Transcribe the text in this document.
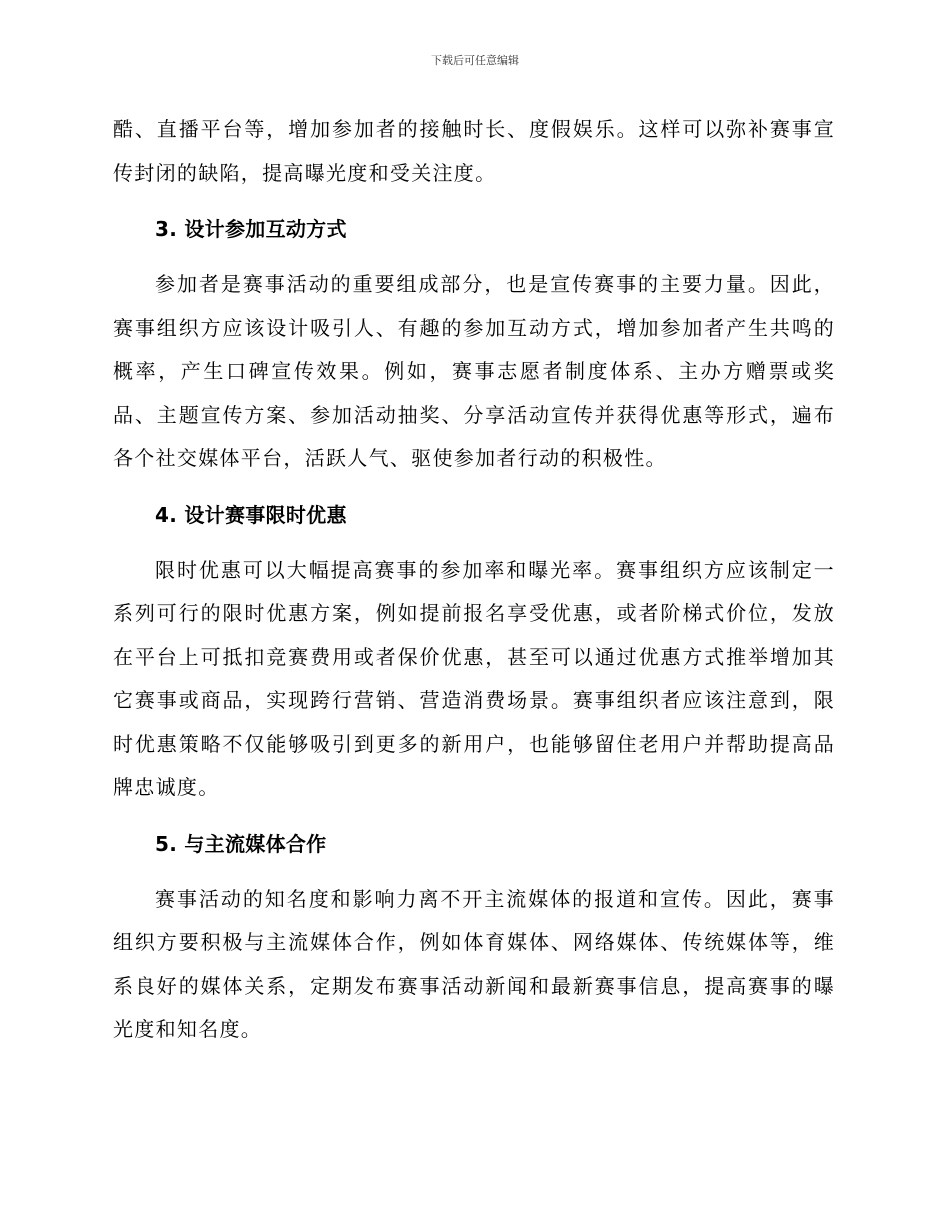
下载后可任意编辑

酷、直播平台等，增加参加者的接触时长、度假娱乐。这样可以弥补赛事宣传封闭的缺陷，提高曝光度和受关注度。

3. 设计参加互动方式

参加者是赛事活动的重要组成部分，也是宣传赛事的主要力量。因此，赛事组织方应该设计吸引人、有趣的参加互动方式，增加参加者产生共鸣的概率，产生口碑宣传效果。例如，赛事志愿者制度体系、主办方赠票或奖品、主题宣传方案、参加活动抽奖、分享活动宣传并获得优惠等形式，遍布各个社交媒体平台，活跃人气、驱使参加者行动的积极性。

4. 设计赛事限时优惠

限时优惠可以大幅提高赛事的参加率和曝光率。赛事组织方应该制定一系列可行的限时优惠方案，例如提前报名享受优惠，或者阶梯式价位，发放在平台上可抵扣竞赛费用或者保价优惠，甚至可以通过优惠方式推举增加其它赛事或商品，实现跨行营销、营造消费场景。赛事组织者应该注意到，限时优惠策略不仅能够吸引到更多的新用户，也能够留住老用户并帮助提高品牌忠诚度。

5. 与主流媒体合作

赛事活动的知名度和影响力离不开主流媒体的报道和宣传。因此，赛事组织方要积极与主流媒体合作，例如体育媒体、网络媒体、传统媒体等，维系良好的媒体关系，定期发布赛事活动新闻和最新赛事信息，提高赛事的曝光度和知名度。
